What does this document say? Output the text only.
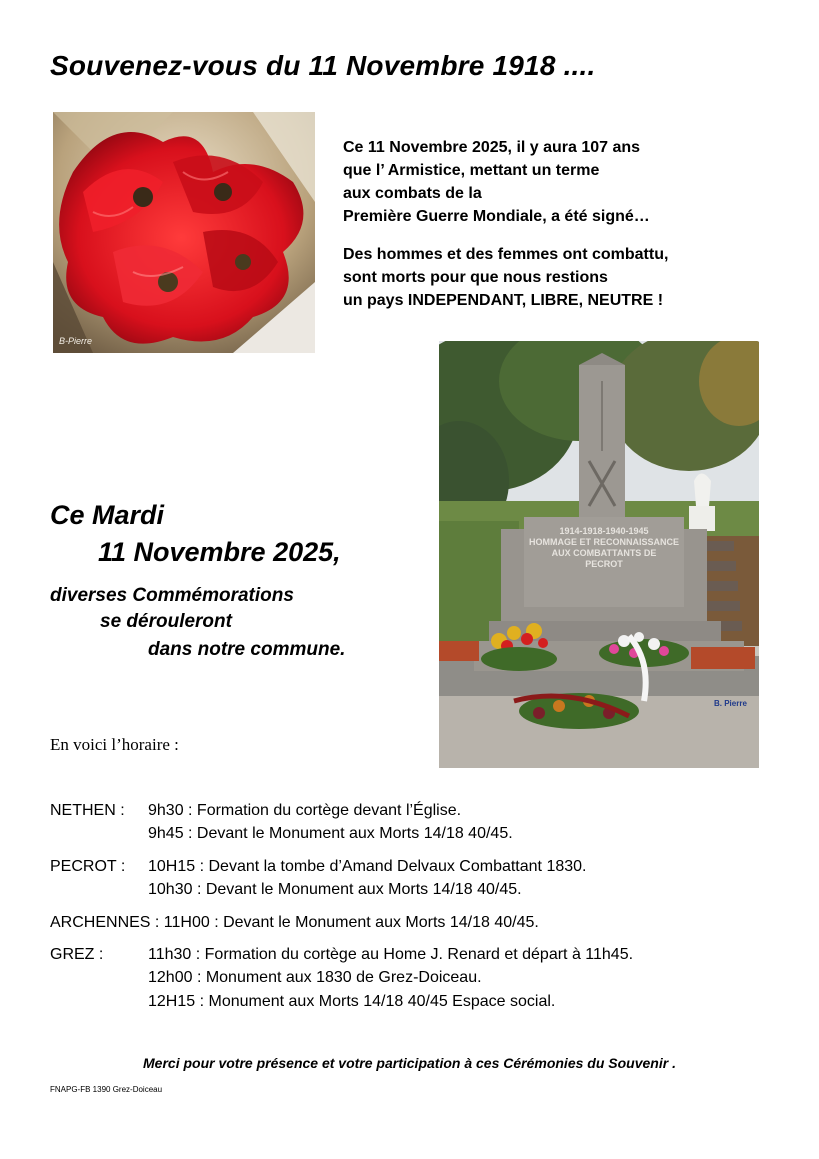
Souvenez-vous du 11 Novembre 1918 ....
B-Pierre
Ce 11 Novembre 2025, il y aura 107 ans
que l’ Armistice, mettant un terme
aux combats de la
Première Guerre Mondiale, a été signé…
Des hommes et des femmes ont combattu,
sont morts pour que nous restions
un pays INDEPENDANT, LIBRE, NEUTRE !
1914-1918-1940-1945
HOMMAGE ET RECONNAISSANCE
AUX COMBATTANTS DE
PECROT
B. Pierre
Ce Mardi
11 Novembre 2025,
diverses Commémorations
se dérouleront
dans notre commune.
En voici l’horaire :
NETHEN : 9h30 : Formation du cortège devant l’Église.
9h45 : Devant le Monument aux Morts 14/18 40/45.
PECROT : 10H15 : Devant la tombe d’Amand Delvaux Combattant 1830.
10h30 : Devant le Monument aux Morts 14/18 40/45.
ARCHENNES : 11H00 : Devant le Monument aux Morts 14/18 40/45.
GREZ :	11h30 : Formation du cortège au Home J. Renard et départ à 11h45.
12h00 : Monument aux 1830 de Grez-Doiceau.
12H15 : Monument aux Morts 14/18 40/45 Espace social.
Merci pour votre présence et votre participation à ces Cérémonies du Souvenir .
FNAPG-FB 1390 Grez-Doiceau
